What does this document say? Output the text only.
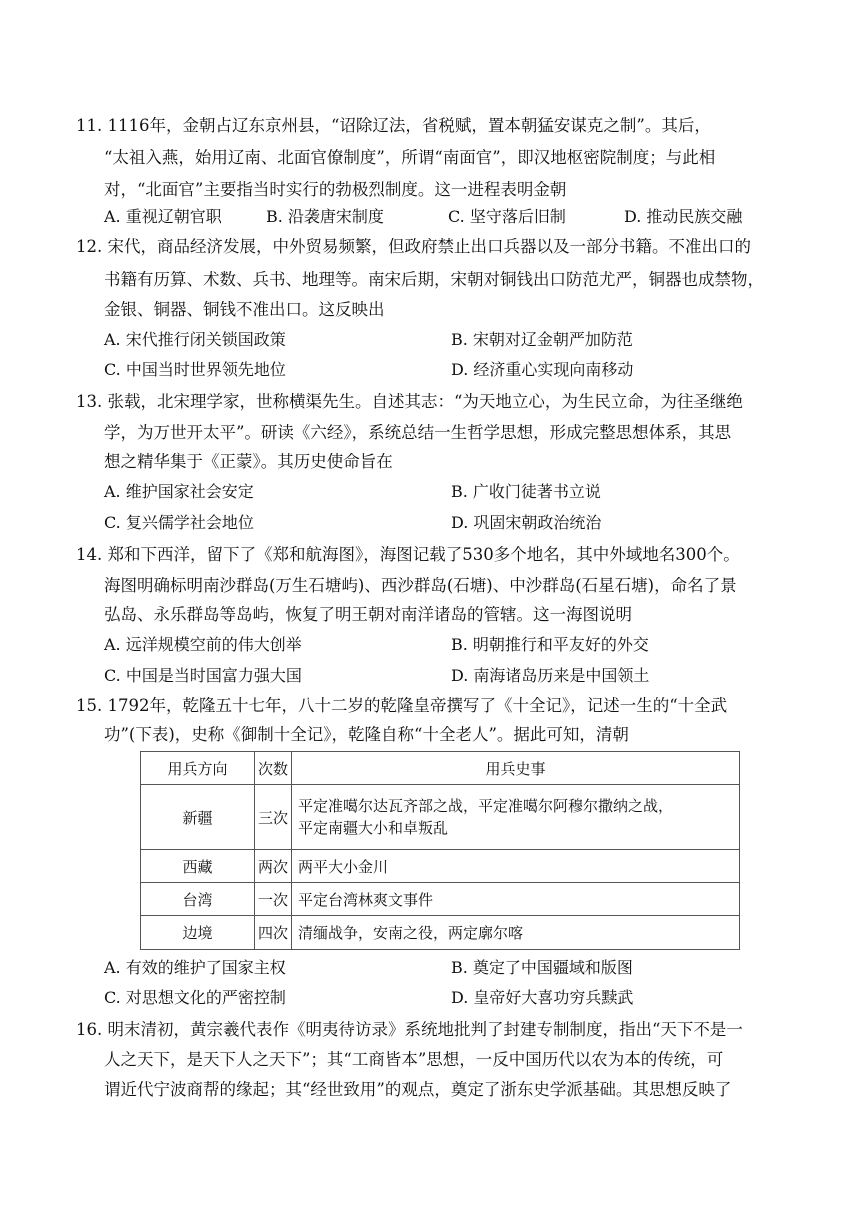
11. 1116年，金朝占辽东京州县，“诏除辽法，省税赋，置本朝猛安谋克之制”。其后，
“太祖入燕，始用辽南、北面官僚制度”，所谓“南面官”，即汉地枢密院制度；与此相
对，“北面官”主要指当时实行的勃极烈制度。这一进程表明金朝
A. 重视辽朝官职	B. 沿袭唐宋制度	C. 坚守落后旧制	D. 推动民族交融
12. 宋代，商品经济发展，中外贸易频繁，但政府禁止出口兵器以及一部分书籍。不准出口的
书籍有历算、术数、兵书、地理等。南宋后期，宋朝对铜钱出口防范尤严，铜器也成禁物，
金银、铜器、铜钱不准出口。这反映出
A. 宋代推行闭关锁国政策	B. 宋朝对辽金朝严加防范
C. 中国当时世界领先地位	D. 经济重心实现向南移动
13. 张载，北宋理学家，世称横渠先生。自述其志：“为天地立心，为生民立命，为往圣继绝
学，为万世开太平”。研读《六经》，系统总结一生哲学思想，形成完整思想体系，其思
想之精华集于《正蒙》。其历史使命旨在
A. 维护国家社会安定	B. 广收门徒著书立说
C. 复兴儒学社会地位	D. 巩固宋朝政治统治
14. 郑和下西洋，留下了《郑和航海图》，海图记载了530多个地名，其中外域地名300个。
海图明确标明南沙群岛(万生石塘屿)、西沙群岛(石塘)、中沙群岛(石星石塘)，命名了景
弘岛、永乐群岛等岛屿，恢复了明王朝对南洋诸岛的管辖。这一海图说明
A. 远洋规模空前的伟大创举	B. 明朝推行和平友好的外交
C. 中国是当时国富力强大国	D. 南海诸岛历来是中国领土
15. 1792年，乾隆五十七年，八十二岁的乾隆皇帝撰写了《十全记》，记述一生的“十全武
功”(下表)，史称《御制十全记》，乾隆自称“十全老人”。据此可知，清朝
用兵方向	次数	用兵史事
新疆	三次	平定准噶尔达瓦齐部之战，平定准噶尔阿穆尔撒纳之战，
平定南疆大小和卓叛乱

西藏	两次	两平大小金川
台湾	一次	平定台湾林爽文事件
边境	四次	清缅战争，安南之役，两定廓尔喀
A. 有效的维护了国家主权	B. 奠定了中国疆域和版图
C. 对思想文化的严密控制	D. 皇帝好大喜功穷兵黩武
16. 明末清初，黄宗羲代表作《明夷待访录》系统地批判了封建专制制度，指出“天下不是一
人之天下，是天下人之天下”；其“工商皆本”思想，一反中国历代以农为本的传统，可
谓近代宁波商帮的缘起；其“经世致用”的观点，奠定了浙东史学派基础。其思想反映了
